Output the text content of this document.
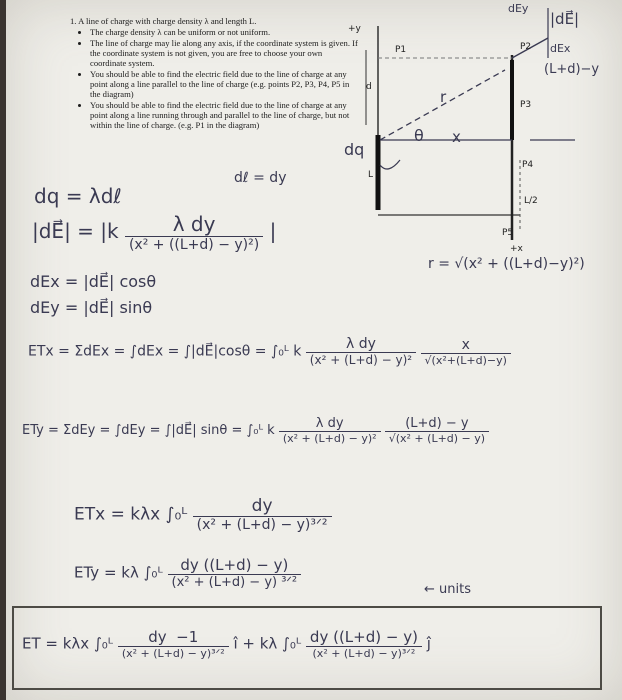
1. A line of charge with charge density λ and length L.
• The charge density λ can be uniform or not uniform.
• The line of charge may lie along any axis, if the coordinate system is given. If the coordinate system is not given, you are free to choose your own coordinate system.
• You should be able to find the electric field due to the line of charge at any point along a line parallel to the line of charge (e.g. points P2, P3, P4, P5 in the diagram)
• You should be able to find the electric field due to the line of charge at any point along a line running through and parallel to the line of charge, but not within the line of charge. (e.g. P1 in the diagram)
+y
P1	P2
P3
P4
P5
+x
d
L
L/2
θ
r
x
|dE⃗|
dEx
dEy
(L+d)−y
dq
dℓ = dy
r = √(x² + ((L+d)−y)²)
dq = λdℓ
|dE⃗| = $|k \frac{\text{λ dy}}{\text{(x² + ((L+d) − y)²)}}$ |
dEx = |dE⃗| cosθ
dEy = |dE⃗| sinθ
ETx = ΣdEx = ∫dEx = ∫|dE⃗|cosθ = ∫₀ᴸ k $\frac{\text{λ dy}}{\text{(x² + (L+d) − y)²}}$
$\frac{x}{\text{√(x²+(L+d)−y)}}$
ETy = ΣdEy = ∫dEy = ∫|dE⃗| sinθ = ∫₀ᴸ k $\frac{\text{λ dy}}{\text{(x² + (L+d) − y)²}}$
$\frac{(L+d) - y}{\text{√(x² + (L+d) − y)}}$
ETx = kλx ∫₀ᴸ $\frac{dy}{\text{(x² + (L+d) − y)³ᐟ²}}$
ETy = kλ ∫₀ᴸ $\frac{dy ((L+d) - y)}{\text{(x² + (L+d) − y) ³ᐟ²}}$	← units
ET = kλx ∫₀ᴸ $\frac{dy -1}{\text{(x² + (L+d) − y)³ᐟ²}}$ î + kλ ∫₀ᴸ $\frac{dy ((L+d) - y)}{\text{(x² + (L+d) − y)³ᐟ²}}$ ĵ
